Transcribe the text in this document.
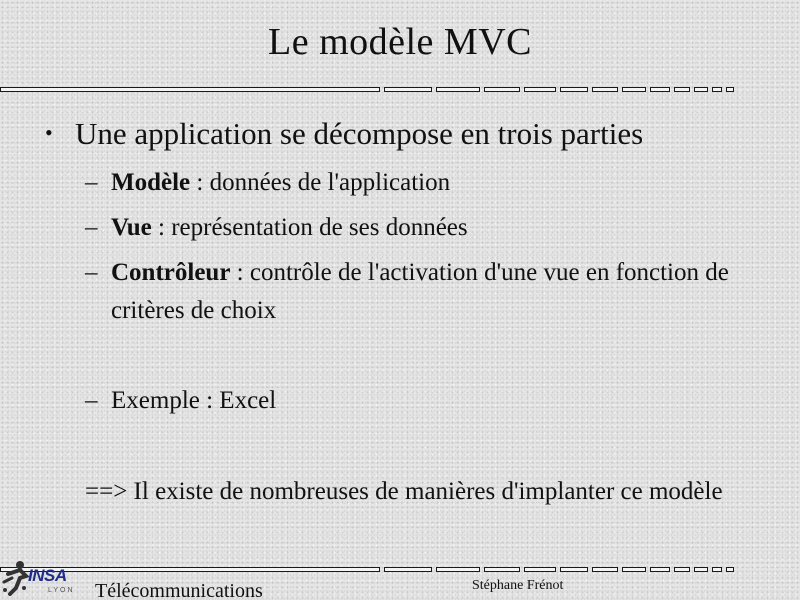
Le modèle MVC
• Une application se décompose en trois parties
– Modèle : données de l'application
– Vue : représentation de ses données
– Contrôleur : contrôle de l'activation d'une vue en fonction de critères de choix
– Exemple : Excel
==> Il existe de nombreuses de manières d'implanter ce modèle
INSA
LYON Télécommunications	Stéphane Frénot
